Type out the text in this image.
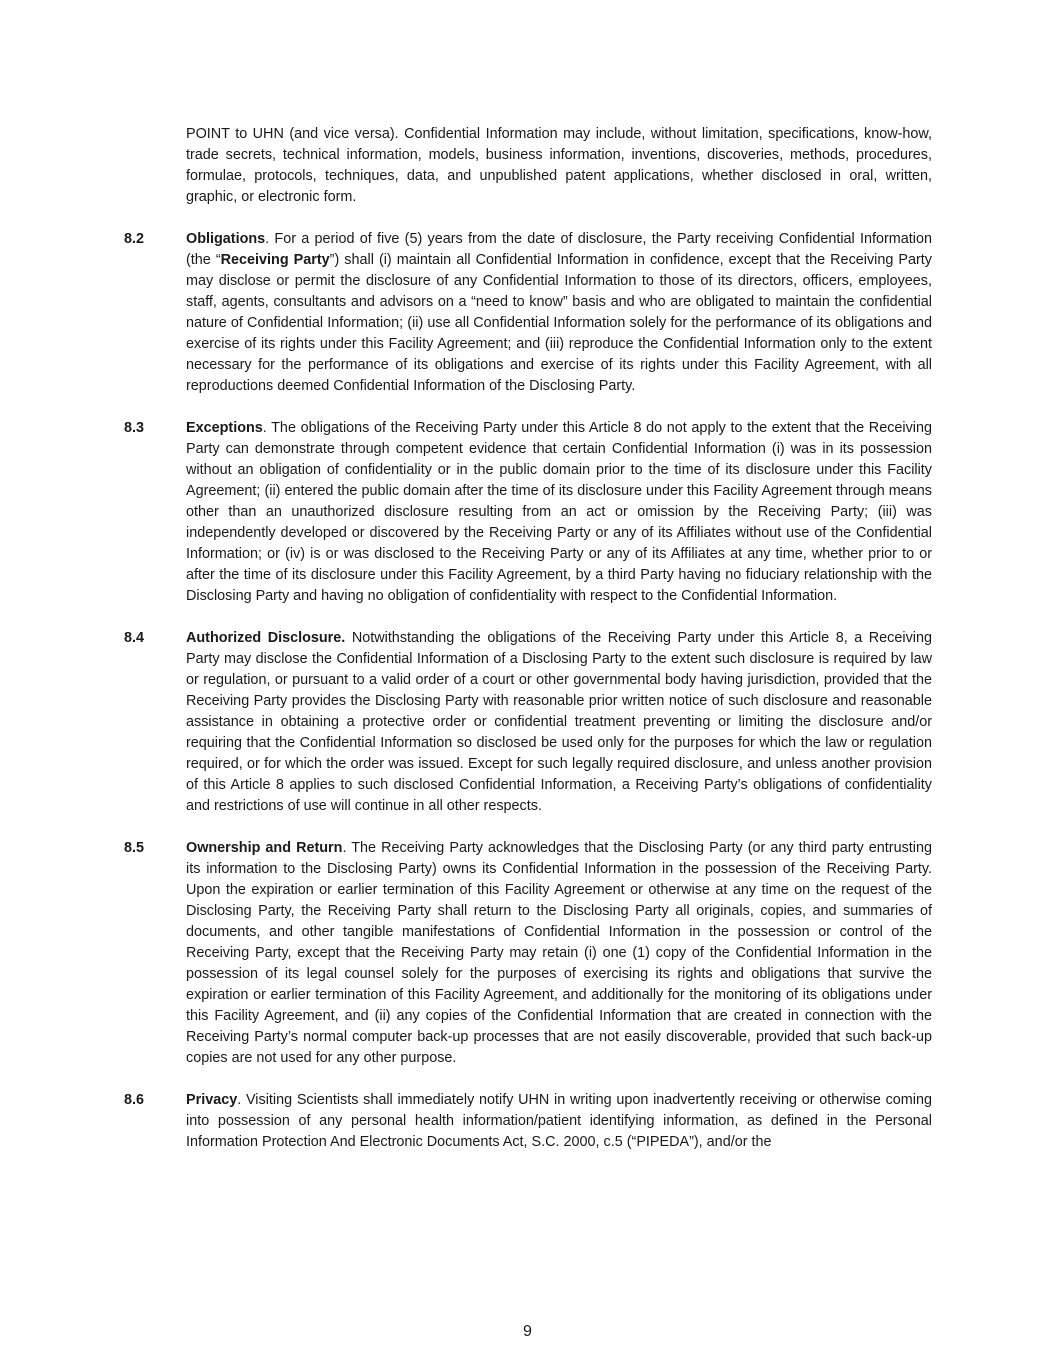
POINT to UHN (and vice versa). Confidential Information may include, without limitation, specifications, know-how, trade secrets, technical information, models, business information, inventions, discoveries, methods, procedures, formulae, protocols, techniques, data, and unpublished patent applications, whether disclosed in oral, written, graphic, or electronic form.
8.2	Obligations. For a period of five (5) years from the date of disclosure, the Party receiving Confidential Information (the “Receiving Party”) shall (i) maintain all Confidential Information in confidence, except that the Receiving Party may disclose or permit the disclosure of any Confidential Information to those of its directors, officers, employees, staff, agents, consultants and advisors on a “need to know” basis and who are obligated to maintain the confidential nature of Confidential Information; (ii) use all Confidential Information solely for the performance of its obligations and exercise of its rights under this Facility Agreement; and (iii) reproduce the Confidential Information only to the extent necessary for the performance of its obligations and exercise of its rights under this Facility Agreement, with all reproductions deemed Confidential Information of the Disclosing Party.
8.3	Exceptions. The obligations of the Receiving Party under this Article 8 do not apply to the extent that the Receiving Party can demonstrate through competent evidence that certain Confidential Information (i) was in its possession without an obligation of confidentiality or in the public domain prior to the time of its disclosure under this Facility Agreement; (ii) entered the public domain after the time of its disclosure under this Facility Agreement through means other than an unauthorized disclosure resulting from an act or omission by the Receiving Party; (iii) was independently developed or discovered by the Receiving Party or any of its Affiliates without use of the Confidential Information; or (iv) is or was disclosed to the Receiving Party or any of its Affiliates at any time, whether prior to or after the time of its disclosure under this Facility Agreement, by a third Party having no fiduciary relationship with the Disclosing Party and having no obligation of confidentiality with respect to the Confidential Information.
8.4	Authorized Disclosure. Notwithstanding the obligations of the Receiving Party under this Article 8, a Receiving Party may disclose the Confidential Information of a Disclosing Party to the extent such disclosure is required by law or regulation, or pursuant to a valid order of a court or other governmental body having jurisdiction, provided that the Receiving Party provides the Disclosing Party with reasonable prior written notice of such disclosure and reasonable assistance in obtaining a protective order or confidential treatment preventing or limiting the disclosure and/or requiring that the Confidential Information so disclosed be used only for the purposes for which the law or regulation required, or for which the order was issued. Except for such legally required disclosure, and unless another provision of this Article 8 applies to such disclosed Confidential Information, a Receiving Party’s obligations of confidentiality and restrictions of use will continue in all other respects.
8.5	Ownership and Return. The Receiving Party acknowledges that the Disclosing Party (or any third party entrusting its information to the Disclosing Party) owns its Confidential Information in the possession of the Receiving Party. Upon the expiration or earlier termination of this Facility Agreement or otherwise at any time on the request of the Disclosing Party, the Receiving Party shall return to the Disclosing Party all originals, copies, and summaries of documents, and other tangible manifestations of Confidential Information in the possession or control of the Receiving Party, except that the Receiving Party may retain (i) one (1) copy of the Confidential Information in the possession of its legal counsel solely for the purposes of exercising its rights and obligations that survive the expiration or earlier termination of this Facility Agreement, and additionally for the monitoring of its obligations under this Facility Agreement, and (ii) any copies of the Confidential Information that are created in connection with the Receiving Party’s normal computer back-up processes that are not easily discoverable, provided that such back-up copies are not used for any other purpose.
8.6	Privacy. Visiting Scientists shall immediately notify UHN in writing upon inadvertently receiving or otherwise coming into possession of any personal health information/patient identifying information, as defined in the Personal Information Protection And Electronic Documents Act, S.C. 2000, c.5 (“PIPEDA”), and/or the
9
